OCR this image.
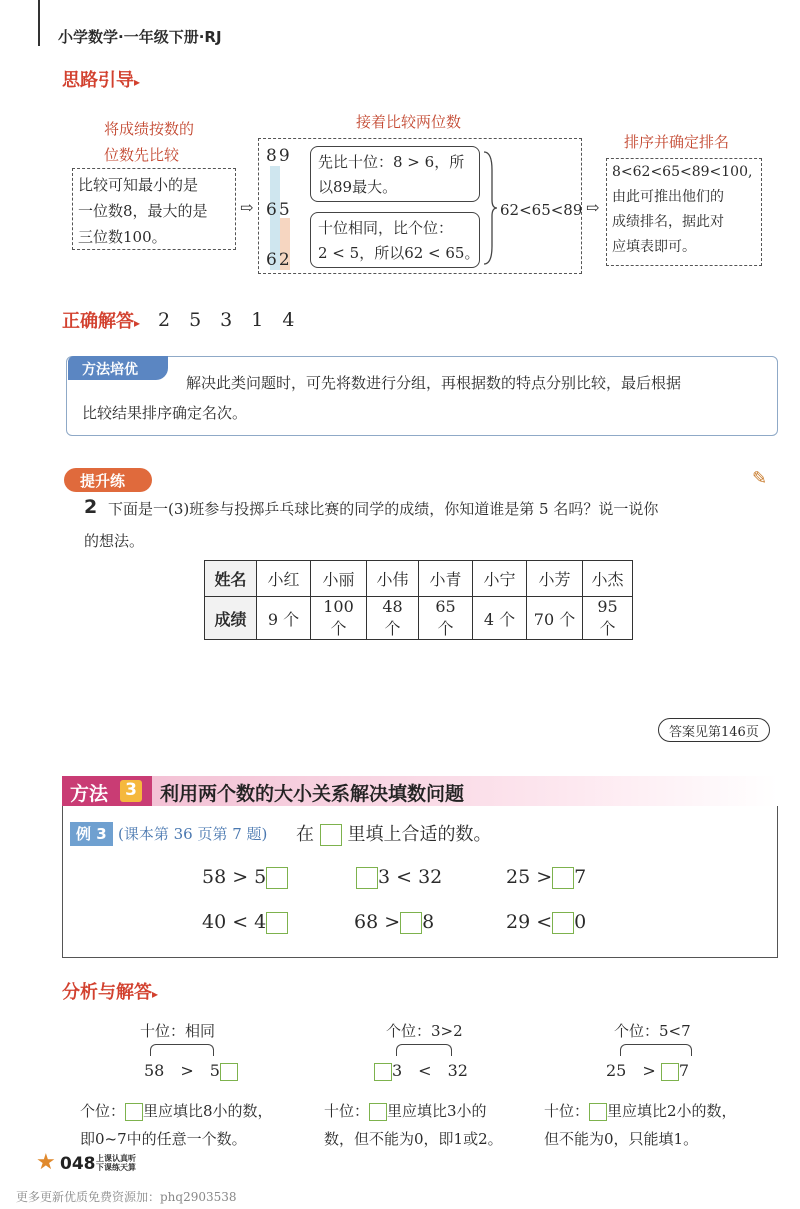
小学数学·一年级下册·RJ
思路引导▸
将成绩按数的
位数先比较
接着比较两位数
排序并确定排名
比较可知最小的是
一位数8，最大的是
三位数100。
⇨
89
65
62
先比十位：8 > 6，所
以89最大。
十位相同，比个位：
2 < 5，所以62 < 65。
62<65<89 ⇨
8<62<65<89<100,
由此可推出他们的
成绩排名，据此对
应填表即可。
正确解答▸ 2　5　3　1　4
方法培优
解决此类问题时，可先将数进行分组，再根据数的特点分别比较，最后根据
比较结果排序确定名次。
提升练	✎
2 下面是一(3)班参与投掷乒乓球比赛的同学的成绩，你知道谁是第 5 名吗？说一说你
的想法。
姓名	小红	小丽	小伟	小青	小宁	小芳	小杰
成绩	9 个	100 个	48 个	65 个	4 个	70 个	95 个
答案见第146页
方法 3 利用两个数的大小关系解决填数问题
例 3 (课本第 36 页第 7 题) 在 里填上合适的数。
58 > 5	3 < 32	25 > 7
40 < 4	68 > 8	29 < 0
分析与解答▸
十位：相同
58　>　5
个位： 里应填比8小的数，
即0~7中的任意一个数。
个位：3>2
3　<　32
十位： 里应填比3小的
数，但不能为0，即1或2。
个位：5<7
25　> 7
十位： 里应填比2小的数，
但不能为0，只能填1。
★ 048 上课认真听
下课练天算
更多更新优质免费资源加：phq2903538
